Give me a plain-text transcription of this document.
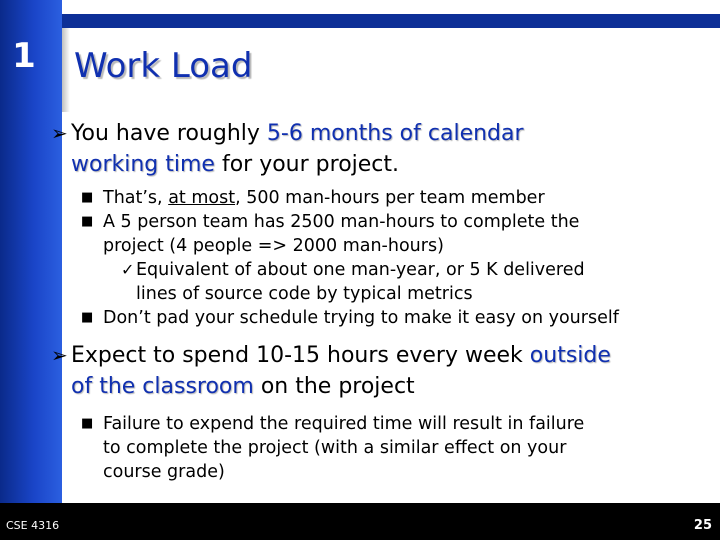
1	Work Load
➢ You have roughly 5-6 months of calendar
working time for your project.
■ That’s, at most, 500 man-hours per team member
■ A 5 person team has 2500 man-hours to complete the
project (4 people => 2000 man-hours)
✓ Equivalent of about one man-year, or 5 K delivered
lines of source code by typical metrics
■ Don’t pad your schedule trying to make it easy on yourself
➢ Expect to spend 10-15 hours every week outside
of the classroom on the project
■ Failure to expend the required time will result in failure
to complete the project (with a similar effect on your
course grade)
CSE 4316	25
